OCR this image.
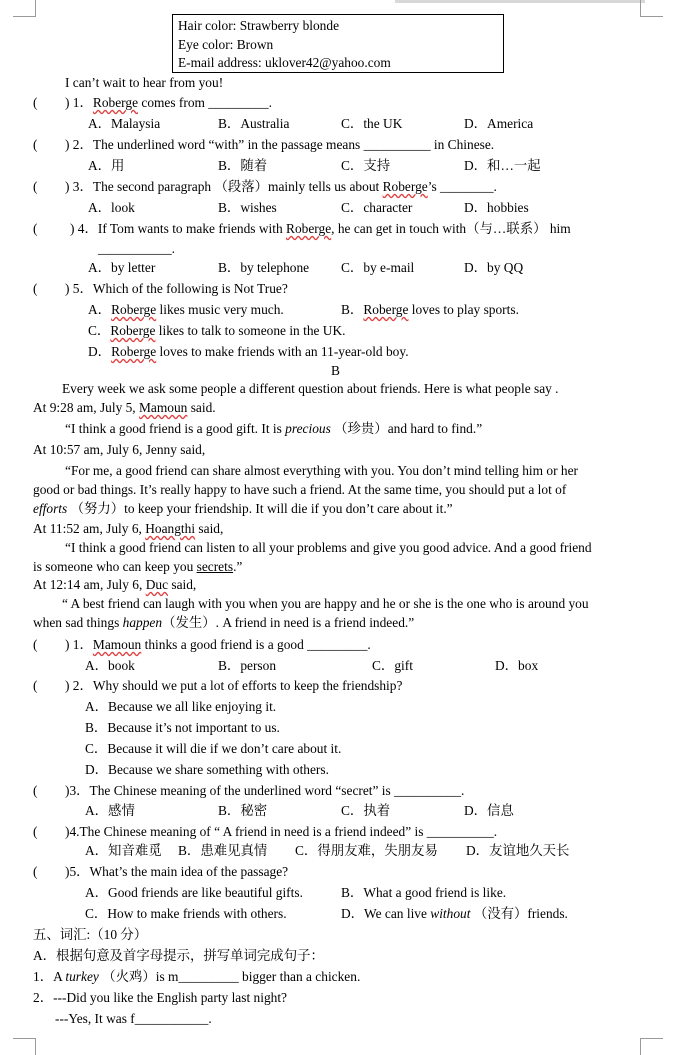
Hair color: Strawberry blonde
Eye color: Brown
E-mail address: uklover42@yahoo.com
I can’t wait to hear from you!
( ) 1．Roberge comes from _________.
A．Malaysia	B．Australia	C．the UK	D．America
( ) 2．The underlined word “with” in the passage means __________ in Chinese.
A．用	B．随着	C．支持	D．和…一起
( ) 3．The second paragraph （段落）mainly tells us about Roberge’s ________.
A．look	B．wishes	C．character	D．hobbies
( ) 4．If Tom wants to make friends with Roberge, he can get in touch with（与…联系） him
___________.
A．by letter	B．by telephone C．by e-mail	D．by QQ
( ) 5．Which of the following is Not True?
A．Roberge likes music very much.	B．Roberge loves to play sports.
C．Roberge likes to talk to someone in the UK.
D．Roberge loves to make friends with an 11-year-old boy.
B
Every week we ask some people a different question about friends. Here is what people say .
At 9:28 am, July 5, Mamoun said.
“I think a good friend is a good gift. It is precious （珍贵）and hard to find.”
At 10:57 am, July 6, Jenny said,
“For me, a good friend can share almost everything with you. You don’t mind telling him or her
good or bad things. It’s really happy to have such a friend. At the same time, you should put a lot of
efforts （努力）to keep your friendship. It will die if you don’t care about it.”
At 11:52 am, July 6, Hoangthi said,
“I think a good friend can listen to all your problems and give you good advice. And a good friend
is someone who can keep you secrets.”
At 12:14 am, July 6, Duc said,
“ A best friend can laugh with you when you are happy and he or she is the one who is around you
when sad things happen（发生）. A friend in need is a friend indeed.”
( ) 1．Mamoun thinks a good friend is a good _________.
A．book	B．person	C．gift	D．box
( ) 2．Why should we put a lot of efforts to keep the friendship?
A．Because we all like enjoying it.
B．Because it’s not important to us.
C．Because it will die if we don’t care about it.
D．Because we share something with others.
( )3．The Chinese meaning of the underlined word “secret” is __________.
A．感情	B．秘密	C．执着	D．信息
( )4.The Chinese meaning of “ A friend in need is a friend indeed” is __________.
A．知音难觅 B．患难见真情 C．得朋友难，失朋友易 D．友谊地久天长
( )5．What’s the main idea of the passage?
A．Good friends are like beautiful gifts.	B．What a good friend is like.
C．How to make friends with others.	D．We can live without （没有）friends.
五、词汇:（10 分）
A．根据句意及首字母提示，拼写单词完成句子：
1．A turkey （火鸡）is m_________ bigger than a chicken.
2．---Did you like the English party last night?
---Yes, It was f___________.
